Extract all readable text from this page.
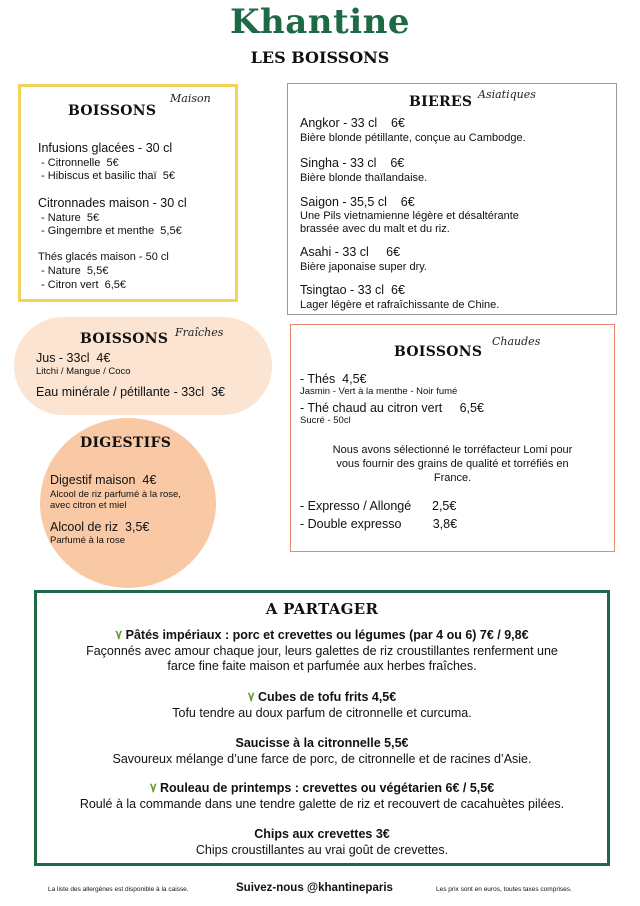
Khantine
LES BOISSONS
BOISSONS
Maison
Infusions glacées - 30 cl
- Citronnelle  5€
- Hibiscus et basilic thaï  5€
Citronnades maison - 30 cl
- Nature  5€
- Gingembre et menthe  5,5€
Thés glacés maison - 50 cl
- Nature  5,5€
- Citron vert  6,5€
BIERES Asiatiques
Angkor - 33 cl    6€
Bière blonde pétillante, conçue au Cambodge.
Singha - 33 cl    6€
Bière blonde thaïlandaise.
Saigon - 35,5 cl    6€
Une Pils vietnamienne légère et désaltérante
brassée avec du malt et du riz.
Asahi - 33 cl     6€
Bière japonaise super dry.
Tsingtao - 33 cl  6€
Lager légère et rafraîchissante de Chine.
BOISSONS Fraîches
Jus - 33cl  4€
Litchi / Mangue / Coco
Eau minérale / pétillante - 33cl  3€
DIGESTIFS
Digestif maison  4€
Alcool de riz parfumé à la rose,
avec citron et miel
Alcool de riz  3,5€
Parfumé à la rose
BOISSONS
Chaudes
- Thés  4,5€
Jasmin - Vert à la menthe - Noir fumé
- Thé chaud au citron vert     6,5€
Sucré - 50cl
Nous avons sélectionné le torréfacteur Lomi pour
vous fournir des grains de qualité et torréfiés en
France.
- Expresso / Allongé      2,5€
- Double expresso         3,8€
A PARTAGER
٧ Pâtés impériaux : porc et crevettes ou légumes (par 4 ou 6) 7€ / 9,8€
Façonnés avec amour chaque jour, leurs galettes de riz croustillantes renferment une
farce fine faite maison et parfumée aux herbes fraîches.
٧ Cubes de tofu frits 4,5€
Tofu tendre au doux parfum de citronnelle et curcuma.
Saucisse à la citronnelle 5,5€
Savoureux mélange d’une farce de porc, de citronnelle et de racines d’Asie.
٧ Rouleau de printemps : crevettes ou végétarien 6€ / 5,5€
Roulé à la commande dans une tendre galette de riz et recouvert de cacahuètes pilées.
Chips aux crevettes 3€
Chips croustillantes au vrai goût de crevettes.
La liste des allergènes est disponible à la caisse.	Suivez-nous @khantineparis	Les prix sont en euros, toutes taxes comprises.
